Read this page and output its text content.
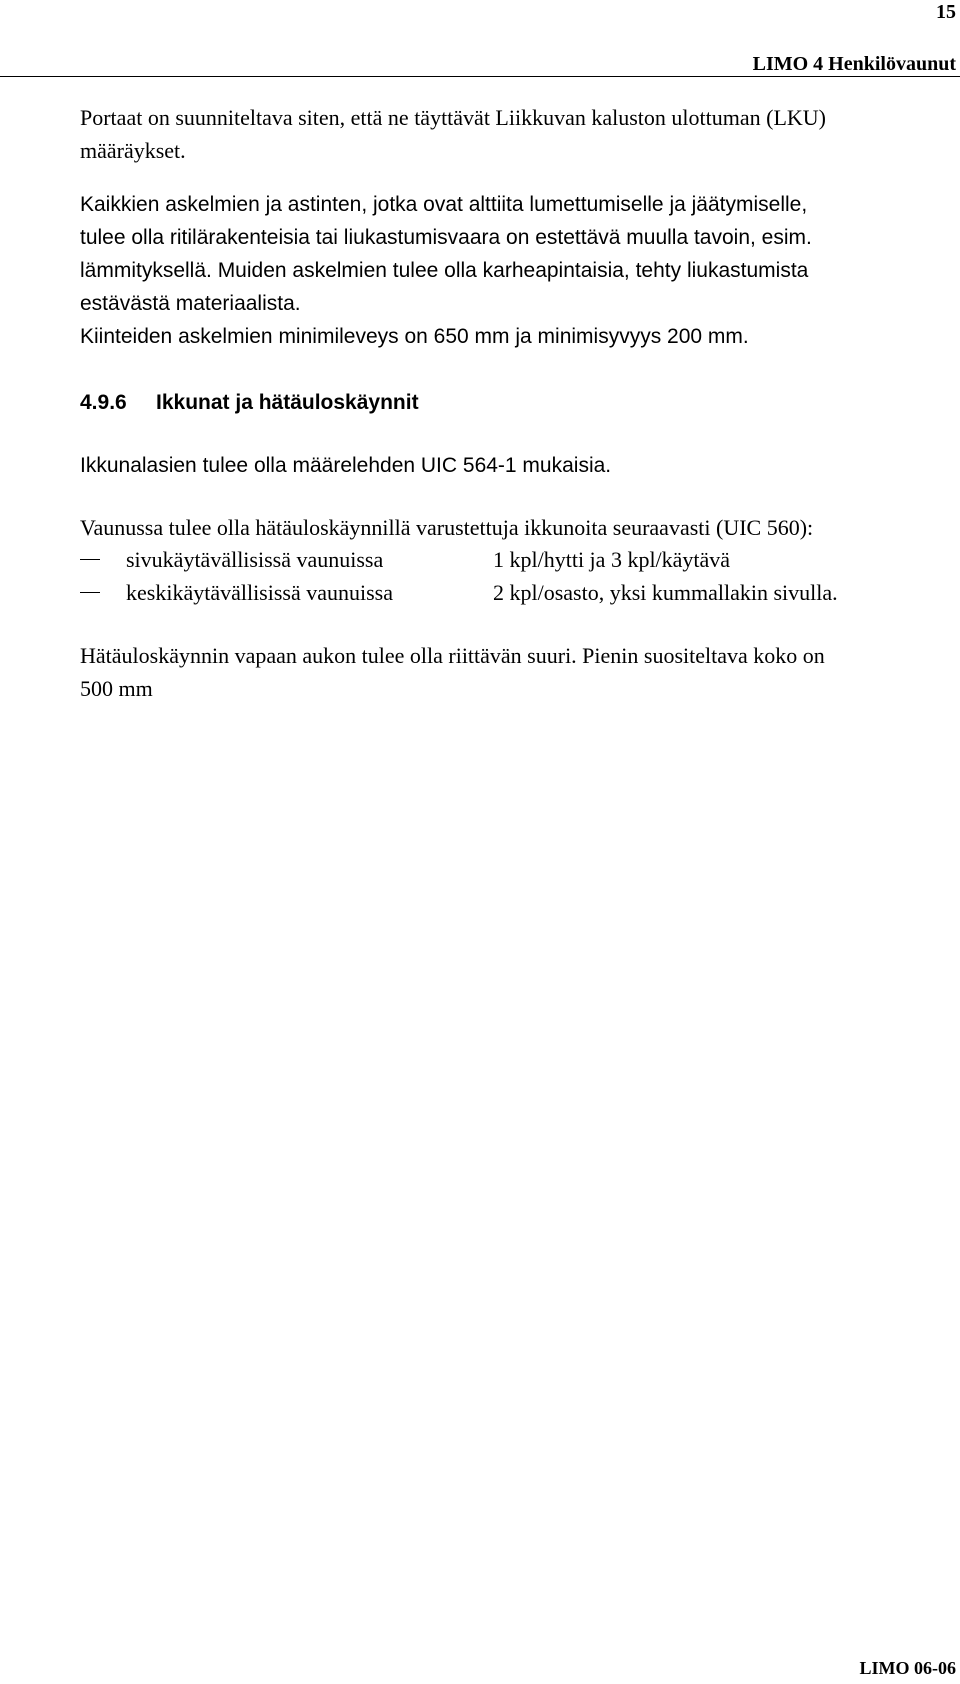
15
LIMO 4 Henkilövaunut
Portaat on suunniteltava siten, että ne täyttävät Liikkuvan kaluston ulottuman (LKU)
määräykset.
Kaikkien askelmien ja astinten, jotka ovat alttiita lumettumiselle ja jäätymiselle,
tulee olla ritilärakenteisia tai liukastumisvaara on estettävä muulla tavoin, esim.
lämmityksellä. Muiden askelmien tulee olla karheapintaisia, tehty liukastumista
estävästä materiaalista.
Kiinteiden askelmien minimileveys on 650 mm ja minimisyvyys 200 mm.
4.9.6 Ikkunat ja hätäuloskäynnit
Ikkunalasien tulee olla määrelehden UIC 564-1 mukaisia.
Vaunussa tulee olla hätäuloskäynnillä varustettuja ikkunoita seuraavasti (UIC 560):
sivukäytävällisissä vaunuissa	1 kpl/hytti ja 3 kpl/käytävä
keskikäytävällisissä vaunuissa	2 kpl/osasto, yksi kummallakin sivulla.
Hätäuloskäynnin vapaan aukon tulee olla riittävän suuri. Pienin suositeltava koko on
500 mm
LIMO 06-06
